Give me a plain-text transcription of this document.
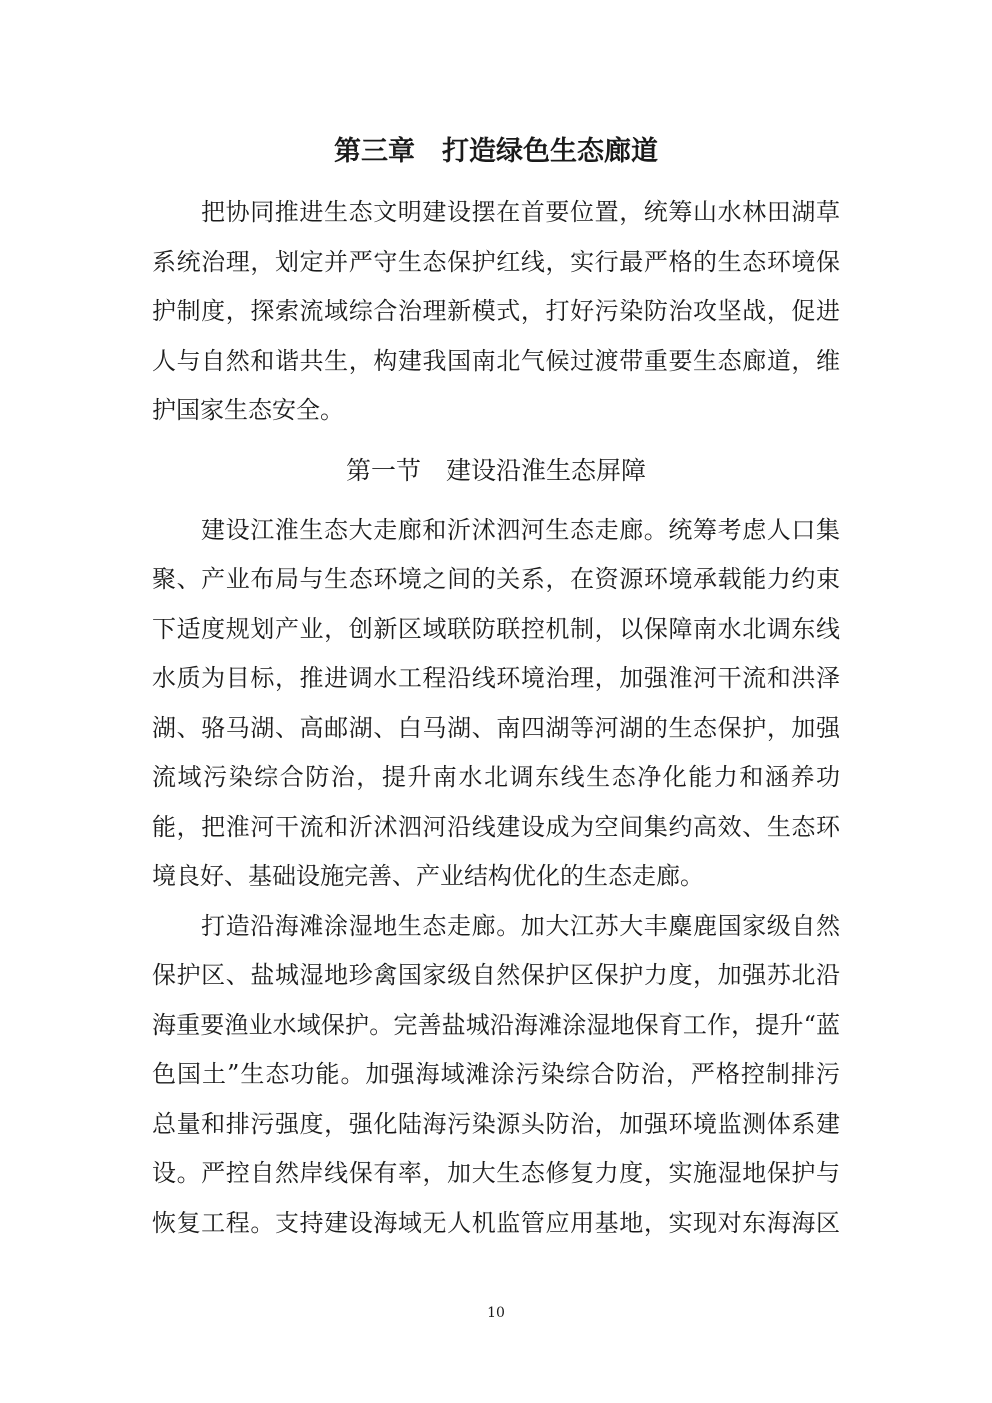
第三章　打造绿色生态廊道
把协同推进生态文明建设摆在首要位置，统筹山水林田湖草
系统治理，划定并严守生态保护红线，实行最严格的生态环境保
护制度，探索流域综合治理新模式，打好污染防治攻坚战，促进
人与自然和谐共生，构建我国南北气候过渡带重要生态廊道，维
护国家生态安全。
第一节　建设沿淮生态屏障
建设江淮生态大走廊和沂沭泗河生态走廊。统筹考虑人口集
聚、产业布局与生态环境之间的关系，在资源环境承载能力约束
下适度规划产业，创新区域联防联控机制，以保障南水北调东线
水质为目标，推进调水工程沿线环境治理，加强淮河干流和洪泽
湖、骆马湖、高邮湖、白马湖、南四湖等河湖的生态保护，加强
流域污染综合防治，提升南水北调东线生态净化能力和涵养功
能，把淮河干流和沂沭泗河沿线建设成为空间集约高效、生态环
境良好、基础设施完善、产业结构优化的生态走廊。
打造沿海滩涂湿地生态走廊。加大江苏大丰麋鹿国家级自然
保护区、盐城湿地珍禽国家级自然保护区保护力度，加强苏北沿
海重要渔业水域保护。完善盐城沿海滩涂湿地保育工作，提升“蓝
色国土”生态功能。加强海域滩涂污染综合防治，严格控制排污
总量和排污强度，强化陆海污染源头防治，加强环境监测体系建
设。严控自然岸线保有率，加大生态修复力度，实施湿地保护与
恢复工程。支持建设海域无人机监管应用基地，实现对东海海区
10
